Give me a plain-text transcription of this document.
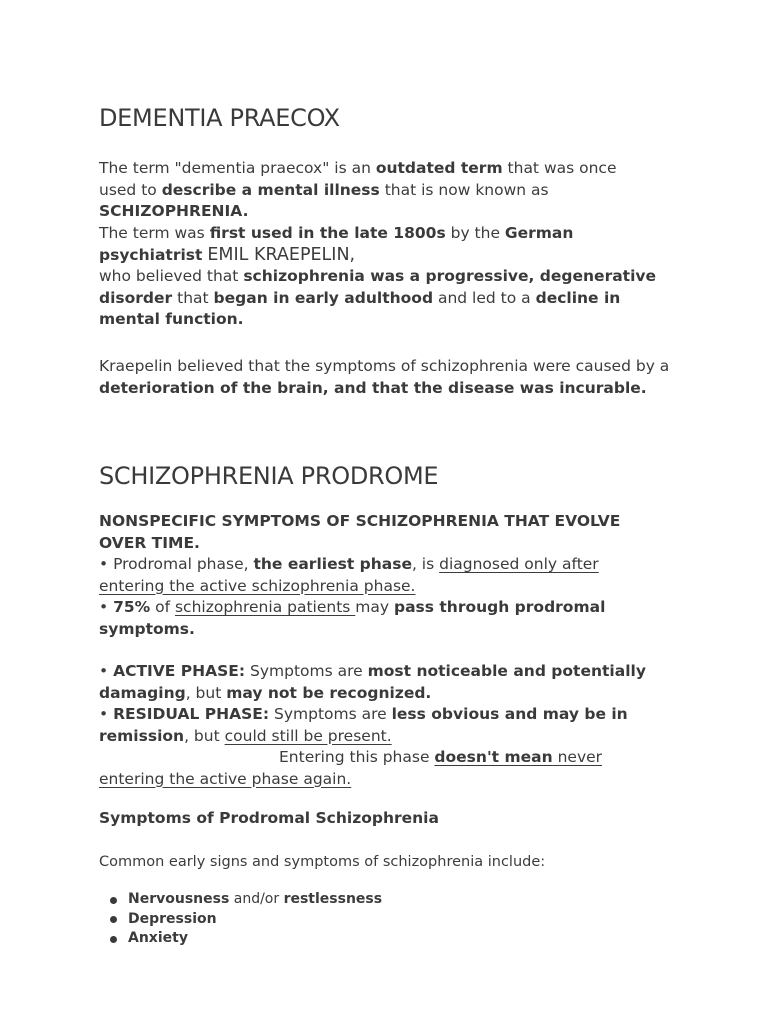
DEMENTIA PRAECOX
The term "dementia praecox" is an outdated term that was once used to describe a mental illness that is now known as SCHIZOPHRENIA.
The term was first used in the late 1800s by the German psychiatrist EMIL KRAEPELIN,
who believed that schizophrenia was a progressive, degenerative disorder that began in early adulthood and led to a decline in mental function.
Kraepelin believed that the symptoms of schizophrenia were caused by a deterioration of the brain, and that the disease was incurable.
SCHIZOPHRENIA PRODROME
NONSPECIFIC SYMPTOMS OF SCHIZOPHRENIA THAT EVOLVE OVER TIME.
• Prodromal phase, the earliest phase, is diagnosed only after entering the active schizophrenia phase.
• 75% of schizophrenia patients may pass through prodromal symptoms.
• ACTIVE PHASE: Symptoms are most noticeable and potentially damaging, but may not be recognized.
• RESIDUAL PHASE: Symptoms are less obvious and may be in remission, but could still be present.
Entering this phase doesn't mean never entering the active phase again.
Symptoms of Prodromal Schizophrenia
Common early signs and symptoms of schizophrenia include:
Nervousness and/or restlessness
Depression
Anxiety
